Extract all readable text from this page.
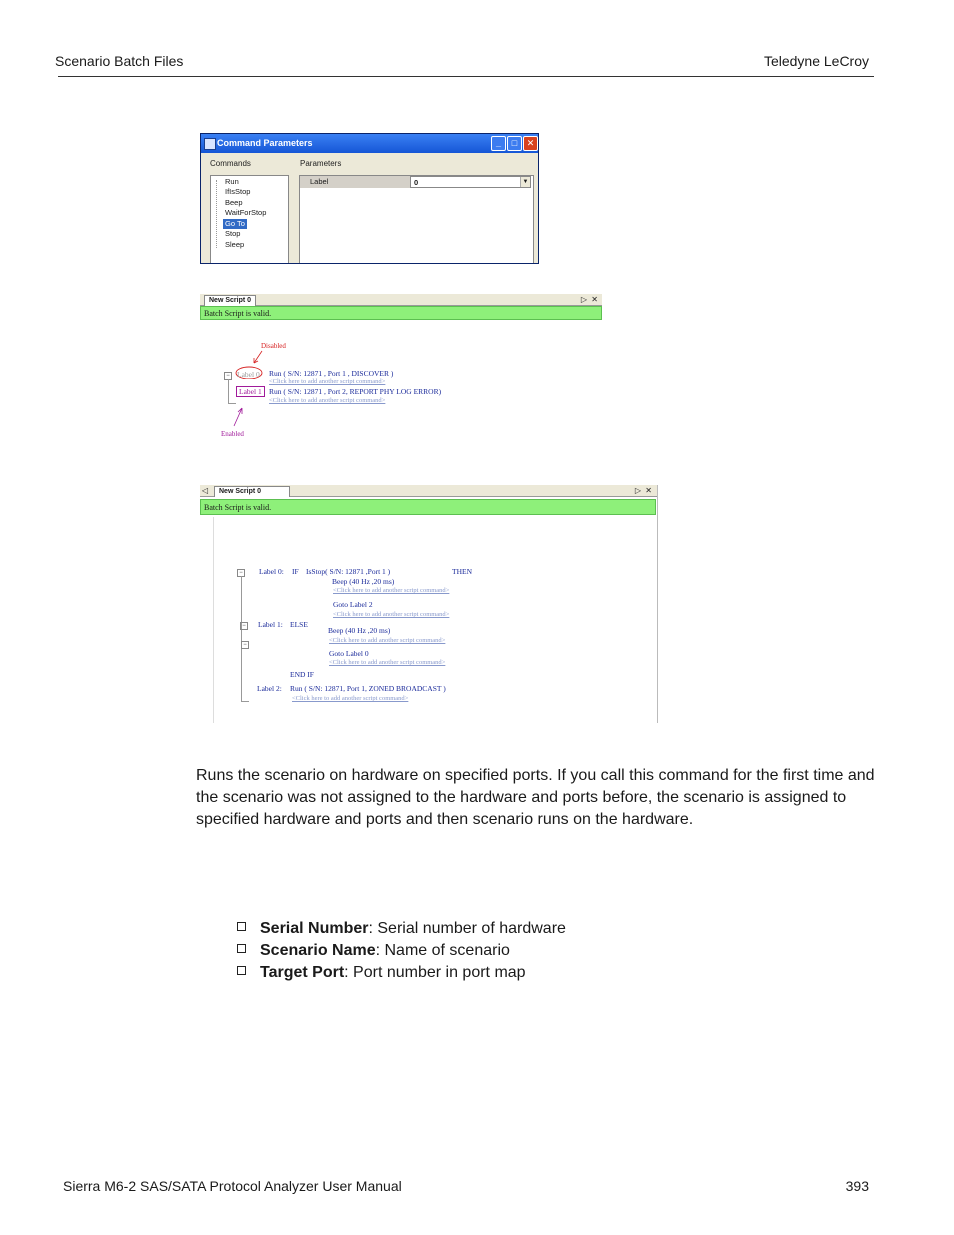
Scenario Batch Files	Teledyne LeCroy
Command Parameters	_	□	✕
Commands	Parameters
Run
IfIsStop
Beep
WaitForStop
Go To
Stop
Sleep
Label	0	▼
New Script 0	▷ ✕
Batch Script is valid.
Disabled
− Label 0
Label 1
Run ( S/N: 12871 , Port 1 , DISCOVER )
<Click here to add another script command>
Run ( S/N: 12871 , Port 2, REPORT PHY LOG ERROR)
<Click here to add another script command>
Enabled
◁	New Script 0	▷ ✕
Batch Script is valid.
−
−
−
Label 0: IF IsStop( S/N: 12871 ,Port 1 )	THEN
Beep (40 Hz ,20 ms)
<Click here to add another script command>
Goto Label 2
<Click here to add another script command>
Label 1: ELSE
Beep (40 Hz ,20 ms)
<Click here to add another script command>
Goto Label 0
<Click here to add another script command>
END IF
Label 2: Run ( S/N: 12871, Port 1, ZONED BROADCAST )
<Click here to add another script command>
Runs the scenario on hardware on specified ports. If you call this command for the first time and the scenario was not assigned to the hardware and ports before, the scenario is assigned to specified hardware and ports and then scenario runs on the hardware.
Serial Number: Serial number of hardware
Scenario Name: Name of scenario
Target Port: Port number in port map
Sierra M6-2 SAS/SATA Protocol Analyzer User Manual	393
